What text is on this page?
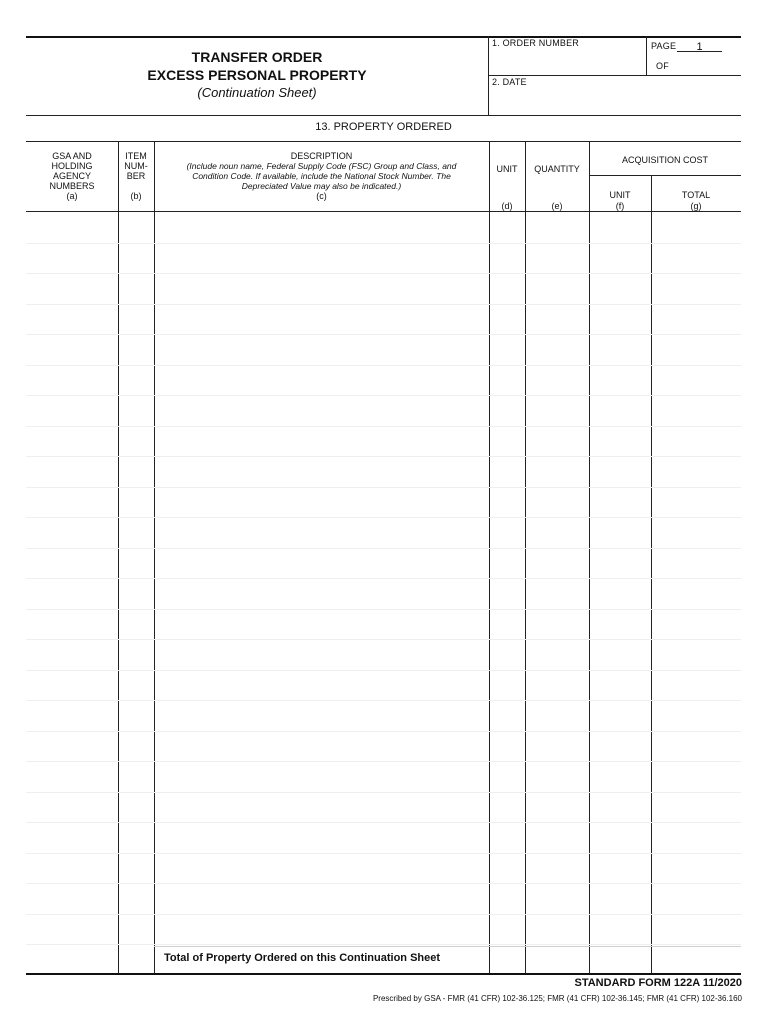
TRANSFER ORDER
EXCESS PERSONAL PROPERTY
(Continuation Sheet)
1. ORDER NUMBER	PAGE	1
OF
2. DATE
13. PROPERTY ORDERED
GSA AND
HOLDING
AGENCY
NUMBERS
(a)
ITEM
NUM-
BER
(b)
DESCRIPTION
(Include noun name, Federal Supply Code (FSC) Group and Class, and
Condition Code. If available, include the National Stock Number. The
Depreciated Value may also be indicated.)
(c)
UNIT
(d)
QUANTITY
(e)
ACQUISITION COST
UNIT
(f)
TOTAL
(g)
Total of Property Ordered on this Continuation Sheet
STANDARD FORM 122A 11/2020
Prescribed by GSA - FMR (41 CFR) 102-36.125; FMR (41 CFR) 102-36.145; FMR (41 CFR) 102-36.160
